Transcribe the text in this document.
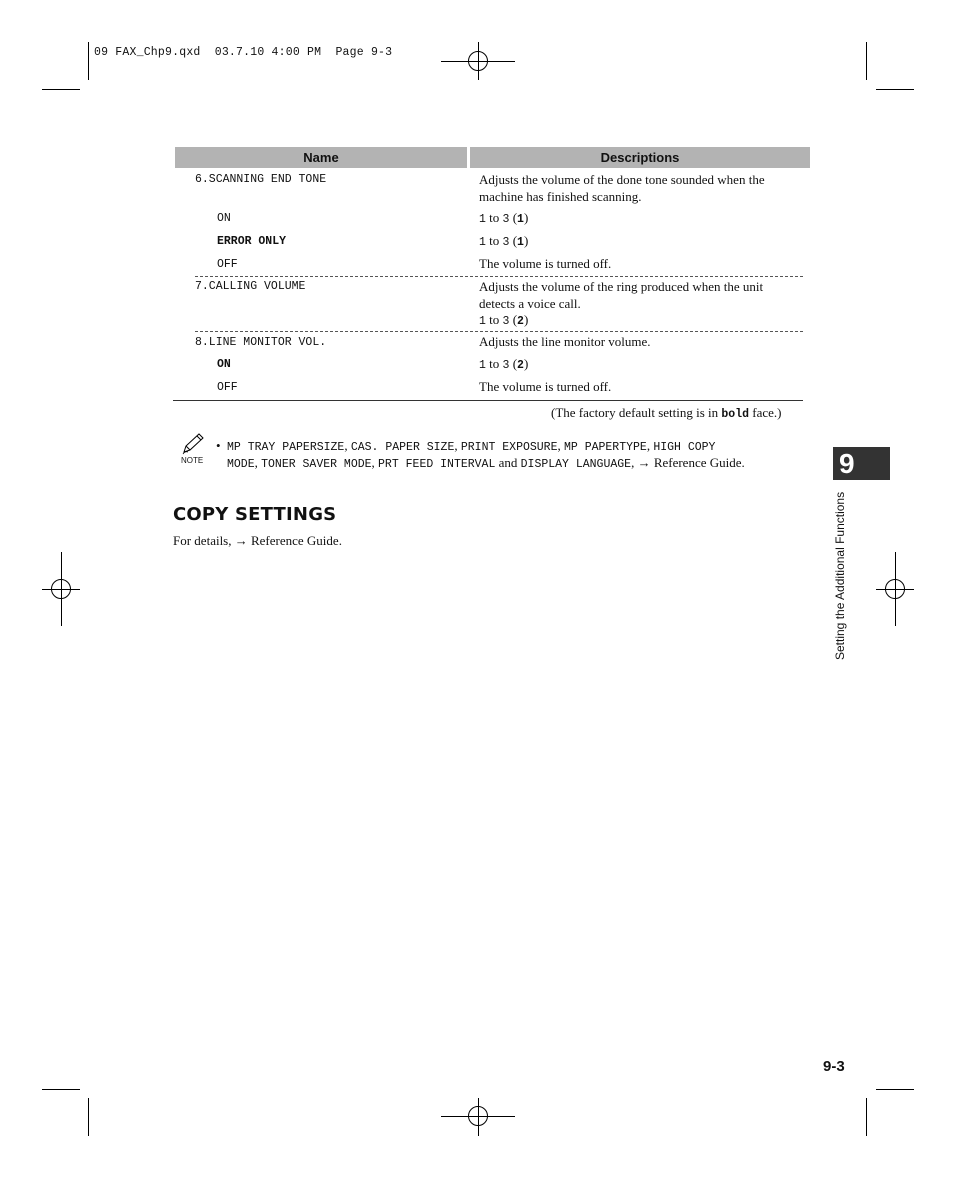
09 FAX_Chp9.qxd  03.7.10 4:00 PM  Page 9-3
Name	Descriptions
6.SCANNING END TONE	Adjusts the volume of the done tone sounded when the
machine has finished scanning.
ON	1 to 3 (1)
ERROR ONLY	1 to 3 (1)
OFF	The volume is turned off.
7.CALLING VOLUME	Adjusts the volume of the ring produced when the unit
detects a voice call.
1 to 3 (2)
8.LINE MONITOR VOL.	Adjusts the line monitor volume.
ON	1 to 3 (2)
OFF	The volume is turned off.
(The factory default setting is in bold face.)
NOTE
• MP TRAY PAPERSIZE, CAS. PAPER SIZE, PRINT EXPOSURE, MP PAPERTYPE, HIGH COPY
MODE, TONER SAVER MODE, PRT FEED INTERVAL and DISPLAY LANGUAGE, → Reference Guide.	9
Setting the Additional Functions
COPY SETTINGS
For details, → Reference Guide.
9-3
